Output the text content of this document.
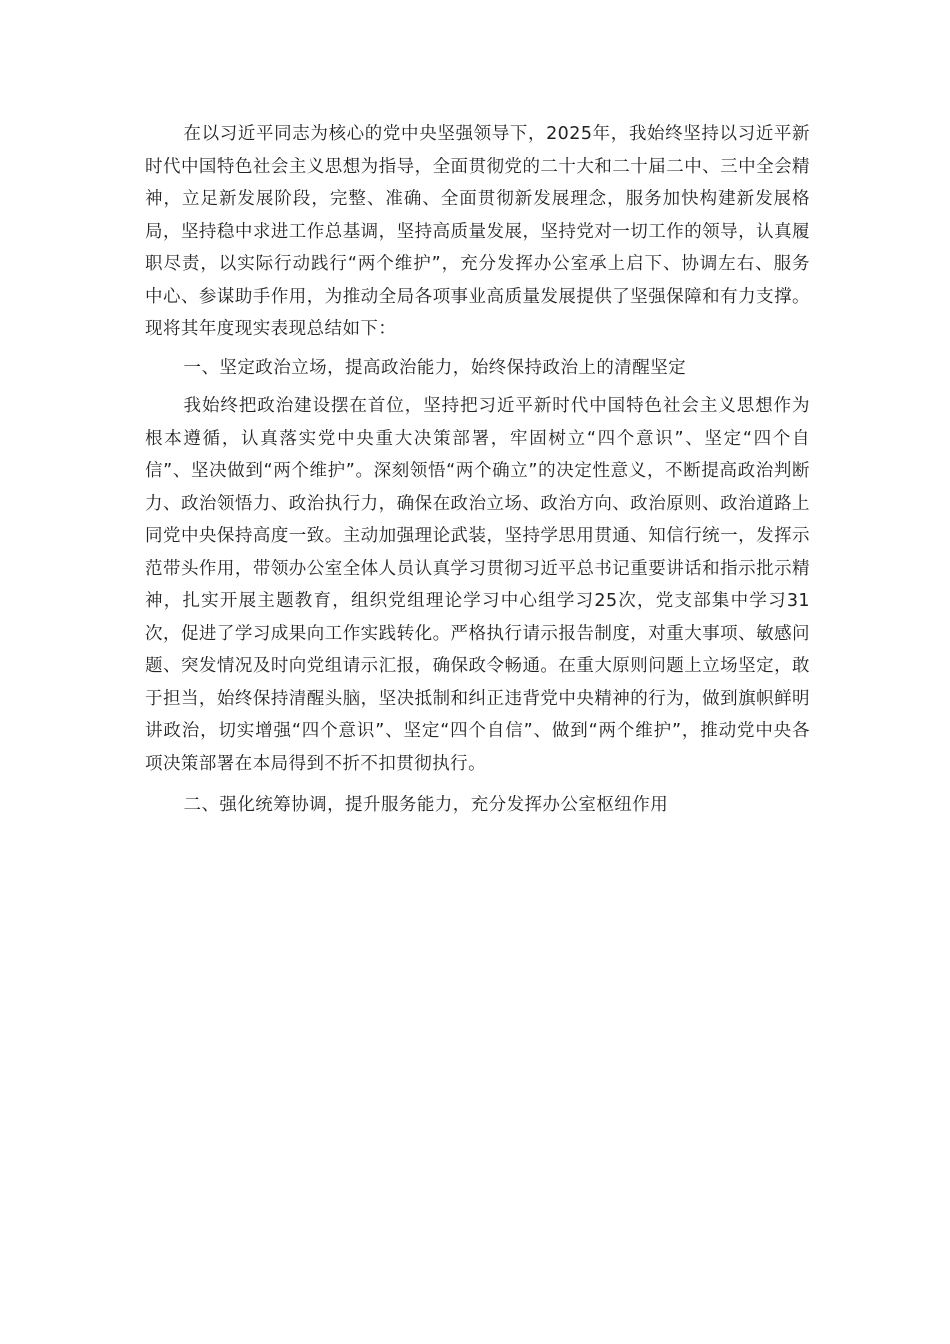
在以习近平同志为核心的党中央坚强领导下，2025年，我始终坚持以习近平新时代中国特色社会主义思想为指导，全面贯彻党的二十大和二十届二中、三中全会精神，立足新发展阶段，完整、准确、全面贯彻新发展理念，服务加快构建新发展格局，坚持稳中求进工作总基调，坚持高质量发展，坚持党对一切工作的领导，认真履职尽责，以实际行动践行“两个维护”，充分发挥办公室承上启下、协调左右、服务中心、参谋助手作用，为推动全局各项事业高质量发展提供了坚强保障和有力支撑。现将其年度现实表现总结如下：

一、坚定政治立场，提高政治能力，始终保持政治上的清醒坚定

我始终把政治建设摆在首位，坚持把习近平新时代中国特色社会主义思想作为根本遵循，认真落实党中央重大决策部署，牢固树立“四个意识”、坚定“四个自信”、坚决做到“两个维护”。深刻领悟“两个确立”的决定性意义，不断提高政治判断力、政治领悟力、政治执行力，确保在政治立场、政治方向、政治原则、政治道路上同党中央保持高度一致。主动加强理论武装，坚持学思用贯通、知信行统一，发挥示范带头作用，带领办公室全体人员认真学习贯彻习近平总书记重要讲话和指示批示精神，扎实开展主题教育，组织党组理论学习中心组学习25次，党支部集中学习31次，促进了学习成果向工作实践转化。严格执行请示报告制度，对重大事项、敏感问题、突发情况及时向党组请示汇报，确保政令畅通。在重大原则问题上立场坚定，敢于担当，始终保持清醒头脑，坚决抵制和纠正违背党中央精神的行为，做到旗帜鲜明讲政治，切实增强“四个意识”、坚定“四个自信”、做到“两个维护”，推动党中央各项决策部署在本局得到不折不扣贯彻执行。

二、强化统筹协调，提升服务能力，充分发挥办公室枢纽作用
